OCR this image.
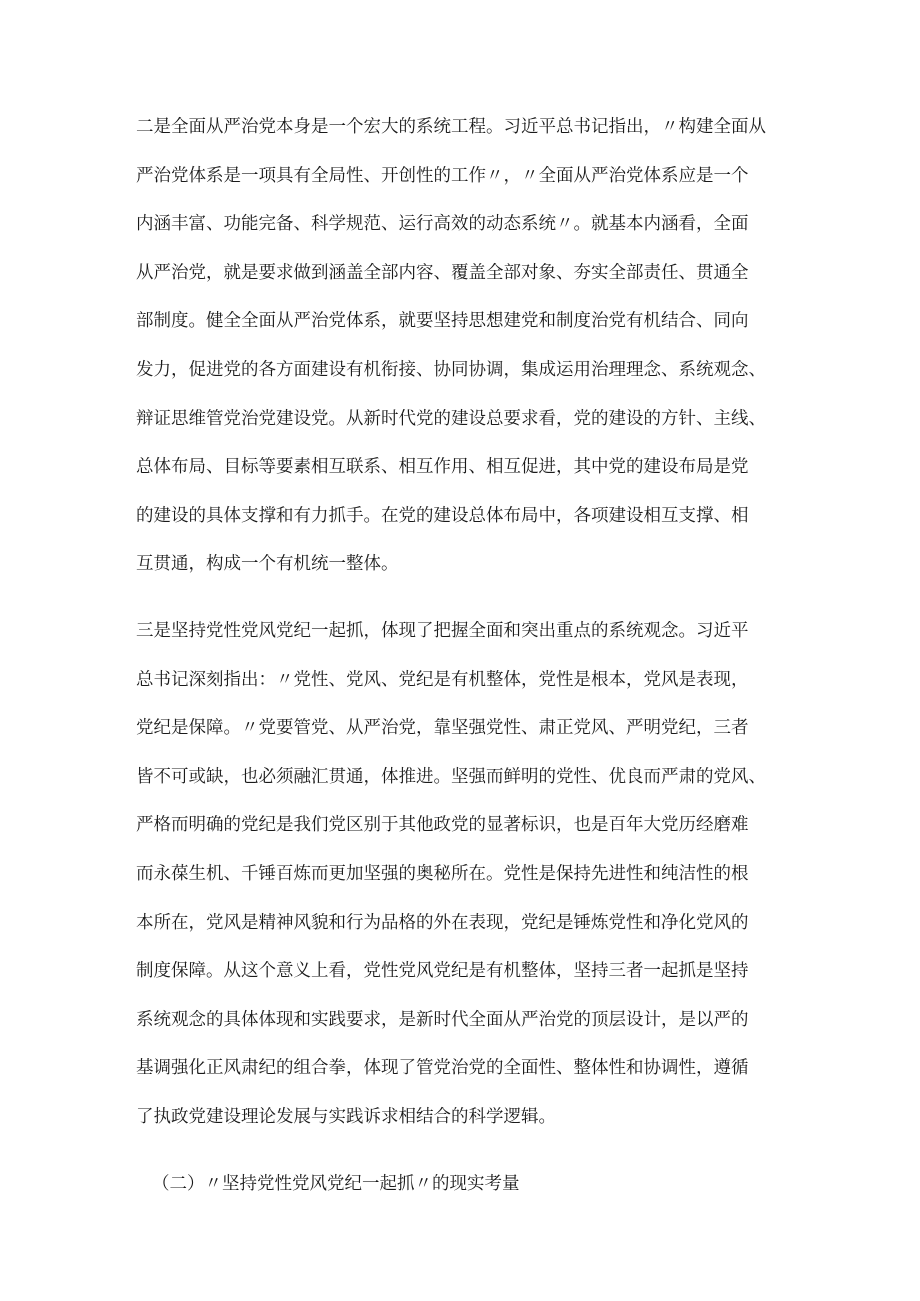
二是全面从严治党本身是一个宏大的系统工程。习近平总书记指出，〃构建全面从
严治党体系是一项具有全局性、开创性的工作〃，〃全面从严治党体系应是一个
内涵丰富、功能完备、科学规范、运行高效的动态系统〃。就基本内涵看，全面
从严治党，就是要求做到涵盖全部内容、覆盖全部对象、夯实全部责任、贯通全
部制度。健全全面从严治党体系，就要坚持思想建党和制度治党有机结合、同向
发力，促进党的各方面建设有机衔接、协同协调，集成运用治理理念、系统观念、
辩证思维管党治党建设党。从新时代党的建设总要求看，党的建设的方针、主线、
总体布局、目标等要素相互联系、相互作用、相互促进，其中党的建设布局是党
的建设的具体支撑和有力抓手。在党的建设总体布局中，各项建设相互支撑、相
互贯通，构成一个有机统一整体。
三是坚持党性党风党纪一起抓，体现了把握全面和突出重点的系统观念。习近平
总书记深刻指出：〃党性、党风、党纪是有机整体，党性是根本，党风是表现，
党纪是保障。〃党要管党、从严治党，靠坚强党性、肃正党风、严明党纪，三者
皆不可或缺，也必须融汇贯通，体推进。坚强而鲜明的党性、优良而严肃的党风、
严格而明确的党纪是我们党区别于其他政党的显著标识，也是百年大党历经磨难
而永葆生机、千锤百炼而更加坚强的奥秘所在。党性是保持先进性和纯洁性的根
本所在，党风是精神风貌和行为品格的外在表现，党纪是锤炼党性和净化党风的
制度保障。从这个意义上看，党性党风党纪是有机整体，坚持三者一起抓是坚持
系统观念的具体体现和实践要求，是新时代全面从严治党的顶层设计，是以严的
基调强化正风肃纪的组合拳，体现了管党治党的全面性、整体性和协调性，遵循
了执政党建设理论发展与实践诉求相结合的科学逻辑。
（二）〃坚持党性党风党纪一起抓〃的现实考量
